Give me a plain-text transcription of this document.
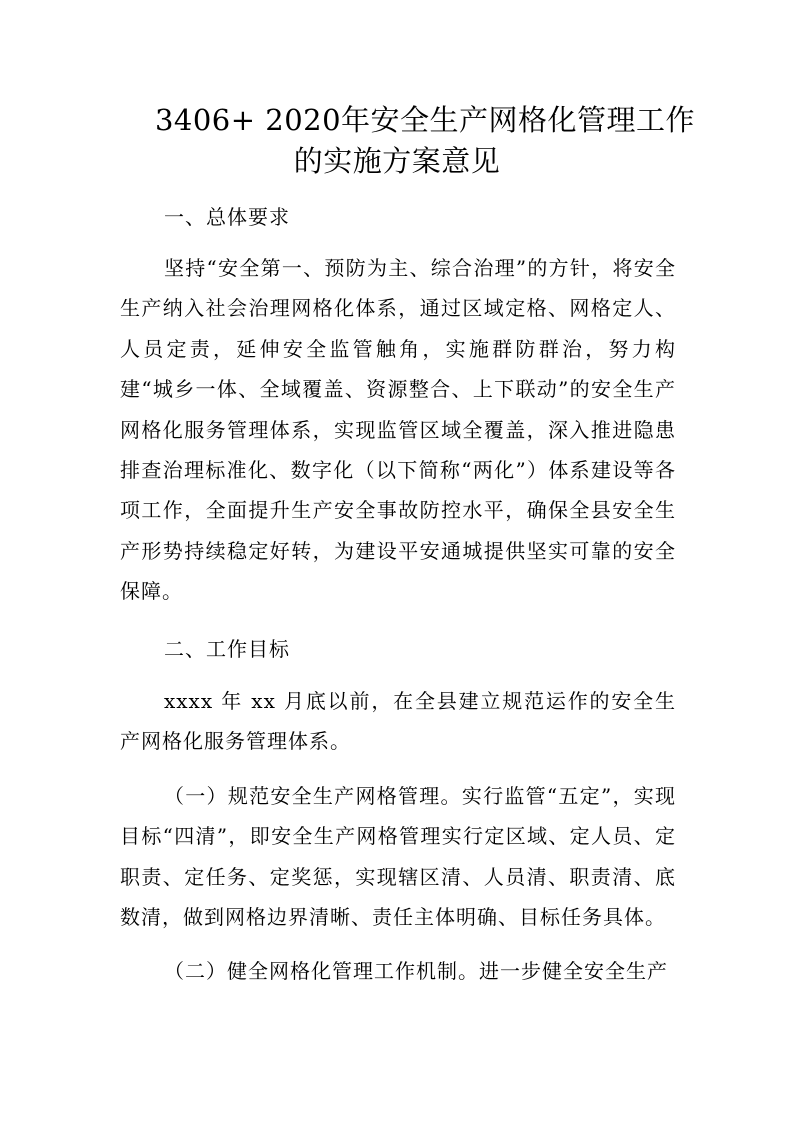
3406+ 2020年安全生产网格化管理工作
的实施方案意见

一、总体要求

坚持“安全第一、预防为主、综合治理”的方针，将安全生产纳入社会治理网格化体系，通过区域定格、网格定人、人员定责，延伸安全监管触角，实施群防群治，努力构建“城乡一体、全域覆盖、资源整合、上下联动”的安全生产网格化服务管理体系，实现监管区域全覆盖，深入推进隐患排查治理标准化、数字化（以下简称“两化”）体系建设等各项工作，全面提升生产安全事故防控水平，确保全县安全生产形势持续稳定好转，为建设平安通城提供坚实可靠的安全保障。

二、工作目标

xxxx 年 xx 月底以前，在全县建立规范运作的安全生产网格化服务管理体系。

（一）规范安全生产网格管理。实行监管“五定”，实现目标“四清”，即安全生产网格管理实行定区域、定人员、定职责、定任务、定奖惩，实现辖区清、人员清、职责清、底数清，做到网格边界清晰、责任主体明确、目标任务具体。

（二）健全网格化管理工作机制。进一步健全安全生产
